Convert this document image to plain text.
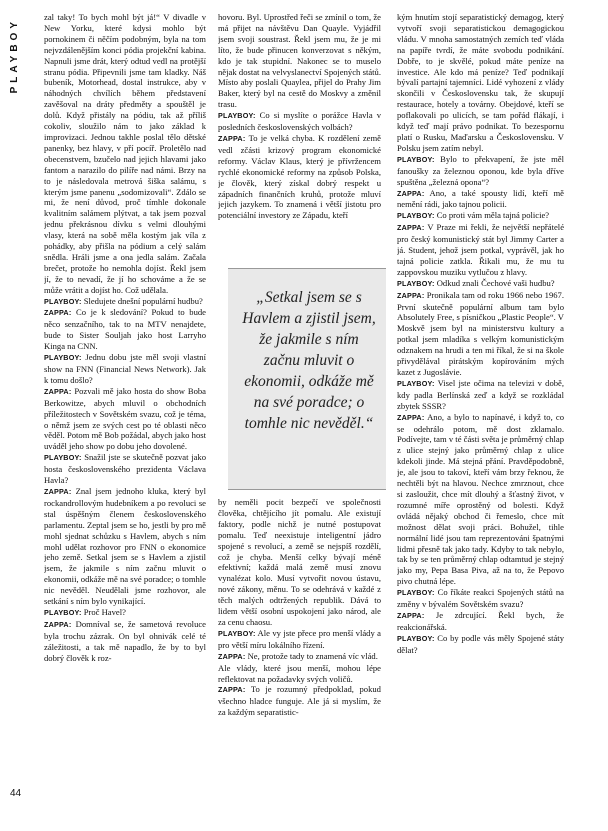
PLAYBOY

zal taky! To bych mohl být já!“ V divadle v New Yorku, které kdysi mohlo být pornokinem či něčím podobným, byla na tom nejvzdálenějším konci pódia projekční kabina. Napnuli jsme drát, který odtud vedl na protější stranu pódia. Připevnili jsme tam kladky. Náš bubeník, Motorhead, dostal instrukce, aby v náhodných chvílích během představení zavěšoval na dráty předměty a spouštěl je dolů. Když přistály na pódiu, tak až příliš cokoliv, sloužilo nám to jako základ k improvizaci. Jednou takhle poslal tělo dětské panenky, bez hlavy, v pří pocíř. Proletělo nad obecenstvem, bzučelo nad jejich hlavami jako fantom a narazilo do pilíře nad námi. Brzy na to je následovala metrová šiška salámu, s kterým jsme panenu „sodomizovali“. Zdálo se mi, že není důvod, proč tímhle dokonale kvalitním salámem plýtvat, a tak jsem pozval jednu překrásnou dívku s velmi dlouhými vlasy, která na sobě měla kostým jak víla z pohádky, aby přišla na pódium a celý salám snědla. Hráli jsme a ona jedla salám. Začala brečet, protože ho nemohla dojíst. Řekl jsem jí, že to nevadí, že jí ho schováme a že se může vrátit a dojíst ho. Což udělala.

PLAYBOY: Sledujete dnešní populární hudbu?

ZAPPA: Co je k sledování? Pokud to bude něco senzačního, tak to na MTV nenajdete, bude to Sister Souljah jako host Larryho Kinga na CNN.

PLAYBOY: Jednu dobu jste měl svoji vlastní show na FNN (Financial News Network). Jak k tomu došlo?

ZAPPA: Pozvali mě jako hosta do show Boba Berkowitze, abych mluvil o obchodních příležitostech v Sovětském svazu, což je téma, o němž jsem ze svých cest po té oblasti něco věděl. Potom mě Bob požádal, abych jako host uváděl jeho show po dobu jeho dovolené.

PLAYBOY: Snažil jste se skutečně pozvat jako hosta československého prezidenta Václava Havla?

ZAPPA: Znal jsem jednoho kluka, který byl rockandrollovým hudebníkem a po revoluci se stal úspěšným členem československého parlamentu. Zeptal jsem se ho, jestli by pro mě mohl sjednat schůzku s Havlem, abych s ním mohl udělat rozhovor pro FNN o ekonomice jeho země. Setkal jsem se s Havlem a zjistil jsem, že jakmile s ním začnu mluvit o ekonomii, odkáže mě na své poradce; o tomhle nic nevěděl. Neudělali jsme rozhovor, ale setkání s ním bylo vynikající.

PLAYBOY: Proč Havel?

ZAPPA: Domníval se, že sametová revoluce byla trochu zázrak. On byl ohnivák celé té záležitosti, a tak mě napadlo, že by to byl dobrý člověk k roz-

hovoru. Byl. Uprostřed řeči se zmínil o tom, že má přijet na návštěvu Dan Quayle. Vyjádřil jsem svoji soustrast. Řekl jsem mu, že je mi líto, že bude přinucen konverzovat s někým, kdo je tak stupidní. Nakonec se to muselo nějak dostat na velvyslanectví Spojených států. Místo aby poslali Quaylea, přijel do Prahy Jim Baker, který byl na cestě do Moskvy a změnil trasu.

PLAYBOY: Co si myslíte o porážce Havla v posledních československých volbách?

ZAPPA: To je velká chyba. K rozdělení země vedl zčásti krizový program ekonomické reformy. Václav Klaus, který je přívržencem rychlé ekonomické reformy na způsob Polska, je člověk, který získal dobrý respekt u západních finančních kruhů, protože mluví jejich jazykem. To znamená i větší jistotu pro potenciální investory ze Západu, kteří

„Setkal jsem se s Havlem a zjistil jsem, že jakmile s ním začnu mluvit o ekonomii, odkáže mě na své poradce; o tomhle nic nevěděl.“

by neměli pocit bezpečí ve společnosti člověka, chtějícího jít pomalu. Ale existují faktory, podle nichž je nutné postupovat pomalu. Teď neexistuje inteligentní jádro spojené s revolucí, a země se nejspíš rozdělí, což je chyba. Menší celky bývají méně efektivní; každá malá země musí znovu vynalézat kolo. Musí vytvořit novou ústavu, nové zákony, měnu. To se odehrává v každé z těch malých odtržených republik. Dává to lidem větší osobní uspokojení jako národ, ale za cenu chaosu.

PLAYBOY: Ale vy jste přece pro menší vlády a pro větší míru lokálního řízení.

ZAPPA: Ne, protože tady to znamená víc vlád.

Ale vlády, které jsou menší, mohou lépe reflektovat na požadavky svých voličů.

ZAPPA: To je rozumný předpoklad, pokud všechno hladce funguje. Ale já si myslím, že za každým separatistic-

kým hnutím stojí separatistický demagog, který vytvoří svoji separatistickou demagogickou vládu. V mnoha samostatných zemích teď vláda na papíře tvrdí, že máte svobodu podnikání. Dobře, to je skvělé, pokud máte peníze na investice. Ale kdo má peníze? Teď podnikají bývalí partajní tajemníci. Lidé vyhození z vlády skončili v Československu tak, že skupují restaurace, hotely a továrny. Obejdové, kteří se poflakovali po ulicích, se tam pořád flákají, i když teď mají právo podnikat. To bezespornu platí o Rusku, Maďarsku a Československu. V Polsku jsem zatím nebyl.

PLAYBOY: Bylo to překvapení, že jste měl fanoušky za železnou oponou, kde byla dříve spuštěna „železná opona“?

ZAPPA: Ano, a také spousty lidí, kteří mě nemění rádi, jako tajnou policii.

PLAYBOY: Co proti vám měla tajná policie?

ZAPPA: V Praze mi řekli, že největší nepřátelé pro český komunistický stát byl Jimmy Carter a já. Student, jehož jsem potkal, vyprávěl, jak ho tajná policie zatkla. Řikali mu, že mu tu zappovskou muziku vytlučou z hlavy.

PLAYBOY: Odkud znali Čechové vaši hudbu?

ZAPPA: Pronikala tam od roku 1966 nebo 1967. První skutečně populární album tam bylo Absolutely Free, s písničkou „Plastic People“. V Moskvě jsem byl na ministerstvu kultury a potkal jsem mladíka s velkým komunistickým odznakem na hrudi a ten mi říkal, že si na škole přivydělával pirátským kopírováním mých kazet z Jugoslávie.

PLAYBOY: Visel jste očima na televizi v době, kdy padla Berlínská zeď a když se rozkládal zbytek SSSR?

ZAPPA: Ano, a bylo to napínavé, i když to, co se odehrálo potom, mě dost zklamalo. Podívejte, tam v té části světa je průměrný chlap z ulice stejný jako průměrný chlap z ulice kdekoli jinde. Má stejná přání. Pravděpodobně, je, ale jsou to takoví, kteří vám brzy řeknou, že nechtěli být na hlavou. Nechce zmrznout, chce si zasloužit, chce mít dlouhý a šťastný život, v rozumné míře oprostěný od bolesti. Když ovládá nějaký obchod či řemeslo, chce mít možnost dělat svoji práci. Bohužel, tihle normální lidé jsou tam reprezentováni špatnými lidmi přesně tak jako tady. Kdyby to tak nebylo, tak by se ten průměrný chlap odtamtud je stejný jako my, Pepa Basa Piva, až na to, že Pepovo pivo chutná lépe.

PLAYBOY: Co říkáte reakci Spojených států na změny v bývalém Sovětském svazu?

ZAPPA: Je zdrcující. Řekl bych, že reakcionářská.

PLAYBOY: Co by podle vás měly Spojené státy dělat?

44
